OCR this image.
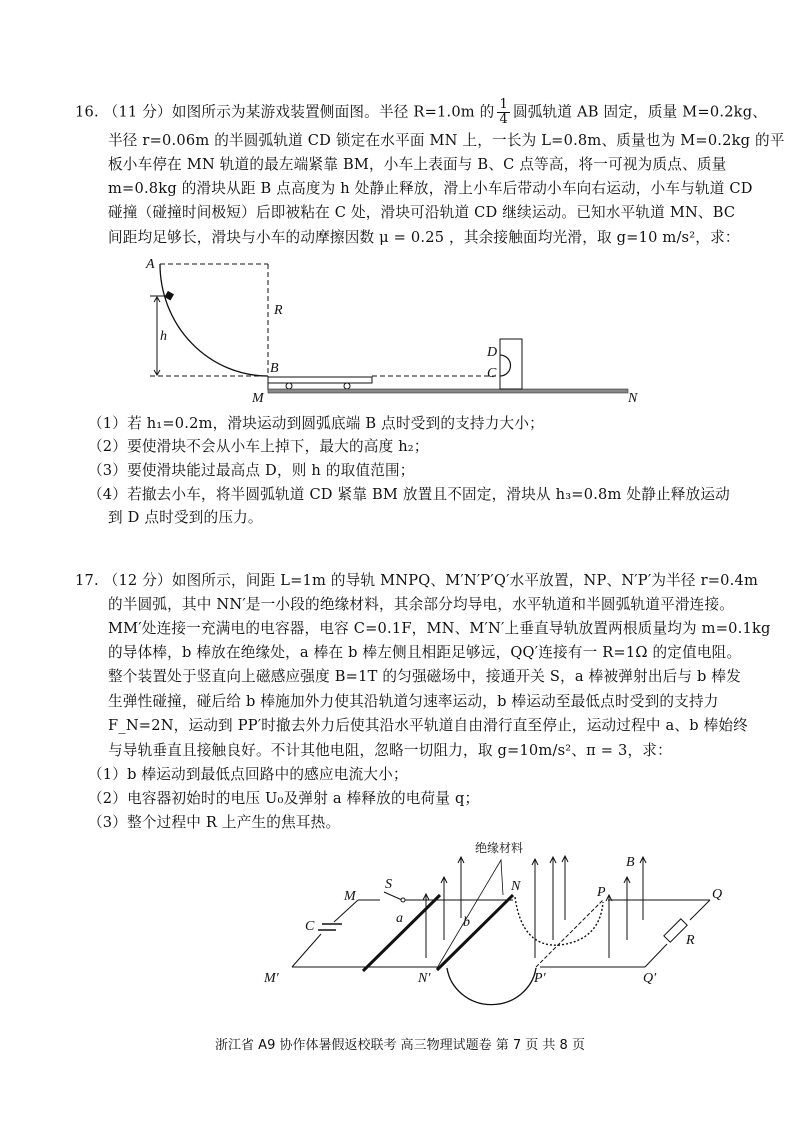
16. （11 分）如图所示为某游戏装置侧面图。半径 R=1.0m 的 $\frac{1}{4}$ 圆弧轨道 AB 固定，质量 M=0.2kg、
半径 r=0.06m 的半圆弧轨道 CD 锁定在水平面 MN 上，一长为 L=0.8m、质量也为 M=0.2kg 的平
板小车停在 MN 轨道的最左端紧靠 BM，小车上表面与 B、C 点等高，将一可视为质点、质量
m=0.8kg 的滑块从距 B 点高度为 h 处静止释放，滑上小车后带动小车向右运动，小车与轨道 CD
碰撞（碰撞时间极短）后即被粘在 C 处，滑块可沿轨道 CD 继续运动。已知水平轨道 MN、BC
间距均足够长，滑块与小车的动摩擦因数 μ = 0.25 ，其余接触面均光滑，取 g=10 m/s²，求：
A
R
h
B
M	N
D
C
（1）若 h₁=0.2m，滑块运动到圆弧底端 B 点时受到的支持力大小；
（2）要使滑块不会从小车上掉下，最大的高度 h₂；
（3）要使滑块能过最高点 D，则 h 的取值范围；
（4）若撤去小车，将半圆弧轨道 CD 紧靠 BM 放置且不固定，滑块从 h₃=0.8m 处静止释放运动
到 D 点时受到的压力。
17. （12 分）如图所示，间距 L=1m 的导轨 MNPQ、M′N′P′Q′水平放置，NP、N′P′为半径 r=0.4m
的半圆弧，其中 NN′是一小段的绝缘材料，其余部分均导电，水平轨道和半圆弧轨道平滑连接。
MM′处连接一充满电的电容器，电容 C=0.1F，MN、M′N′上垂直导轨放置两根质量均为 m=0.1kg
的导体棒，b 棒放在绝缘处，a 棒在 b 棒左侧且相距足够远，QQ′连接有一 R=1Ω 的定值电阻。
整个装置处于竖直向上磁感应强度 B=1T 的匀强磁场中，接通开关 S，a 棒被弹射出后与 b 棒发
生弹性碰撞，碰后给 b 棒施加外力使其沿轨道匀速率运动，b 棒运动至最低点时受到的支持力
F_N=2N，运动到 PP′时撤去外力后使其沿水平轨道自由滑行直至停止，运动过程中 a、b 棒始终
与导轨垂直且接触良好。不计其他电阻，忽略一切阻力，取 g=10m/s²、π = 3，求：
（1）b 棒运动到最低点回路中的感应电流大小；
（2）电容器初始时的电压 U₀及弹射 a 棒释放的电荷量 q；
（3）整个过程中 R 上产生的焦耳热。
绝缘材料
B
S
M
N	P	Q
C
a	b
R
M′	N′	P′	Q′
浙江省 A9 协作体暑假返校联考 高三物理试题卷 第 7 页 共 8 页
